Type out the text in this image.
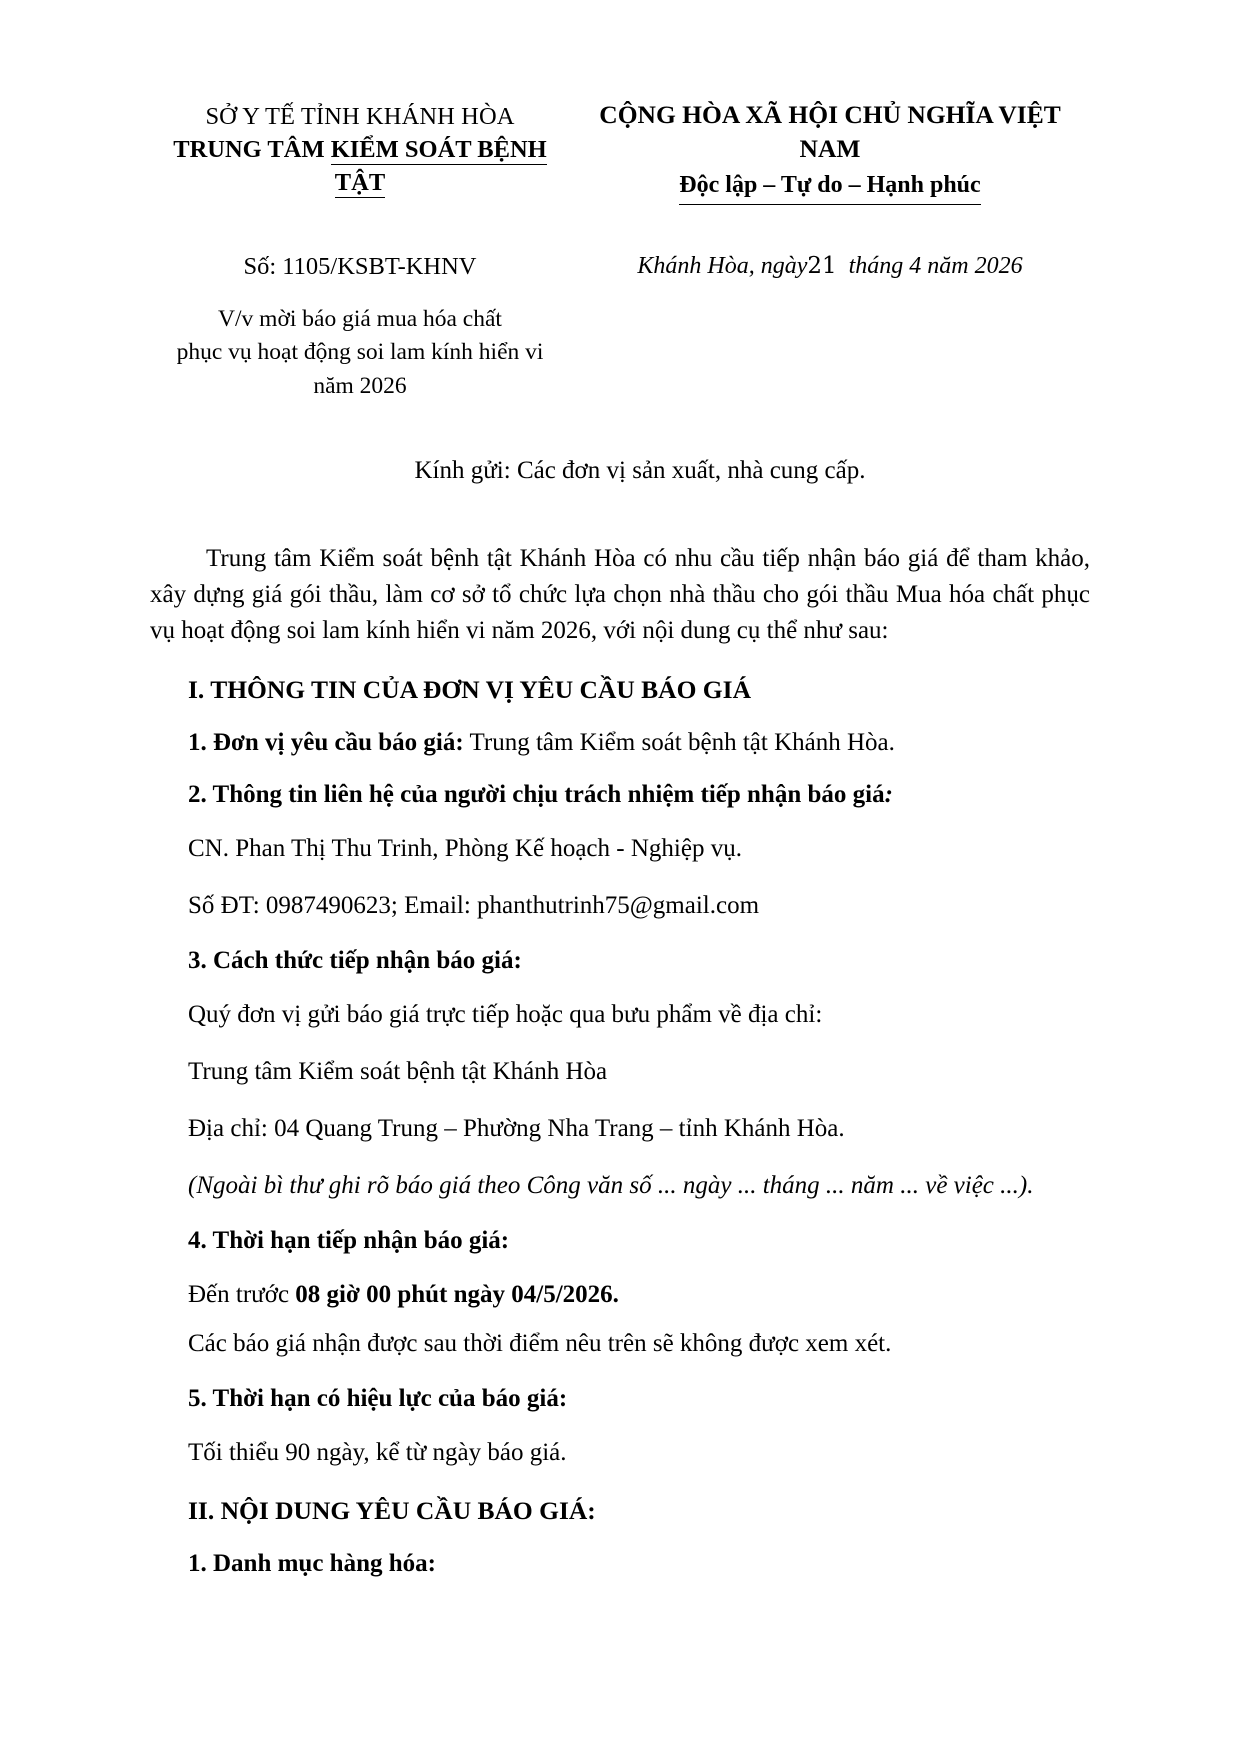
SỞ Y TẾ TỈNH KHÁNH HÒA
TRUNG TÂM KIỂM SOÁT BỆNH TẬT
CỘNG HÒA XÃ HỘI CHỦ NGHĨA VIỆT NAM
Độc lập – Tự do – Hạnh phúc
Số: 1105/KSBT-KHNV	Khánh Hòa, ngày21 tháng 4 năm 2026
V/v mời báo giá mua hóa chất
phục vụ hoạt động soi lam kính hiển vi
năm 2026
Kính gửi: Các đơn vị sản xuất, nhà cung cấp.
Trung tâm Kiểm soát bệnh tật Khánh Hòa có nhu cầu tiếp nhận báo giá để tham khảo, xây dựng giá gói thầu, làm cơ sở tổ chức lựa chọn nhà thầu cho gói thầu Mua hóa chất phục vụ hoạt động soi lam kính hiển vi năm 2026, với nội dung cụ thể như sau:
I. THÔNG TIN CỦA ĐƠN VỊ YÊU CẦU BÁO GIÁ
1. Đơn vị yêu cầu báo giá: Trung tâm Kiểm soát bệnh tật Khánh Hòa.
2. Thông tin liên hệ của người chịu trách nhiệm tiếp nhận báo giá:
CN. Phan Thị Thu Trinh, Phòng Kế hoạch - Nghiệp vụ.
Số ĐT: 0987490623; Email: phanthutrinh75@gmail.com
3. Cách thức tiếp nhận báo giá:
Quý đơn vị gửi báo giá trực tiếp hoặc qua bưu phẩm về địa chỉ:
Trung tâm Kiểm soát bệnh tật Khánh Hòa
Địa chỉ: 04 Quang Trung – Phường Nha Trang – tỉnh Khánh Hòa.
(Ngoài bì thư ghi rõ báo giá theo Công văn số ... ngày ... tháng ... năm ... về việc ...).
4. Thời hạn tiếp nhận báo giá:
Đến trước 08 giờ 00 phút ngày 04/5/2026.
Các báo giá nhận được sau thời điểm nêu trên sẽ không được xem xét.
5. Thời hạn có hiệu lực của báo giá:
Tối thiểu 90 ngày, kể từ ngày báo giá.
II. NỘI DUNG YÊU CẦU BÁO GIÁ:
1. Danh mục hàng hóa:
